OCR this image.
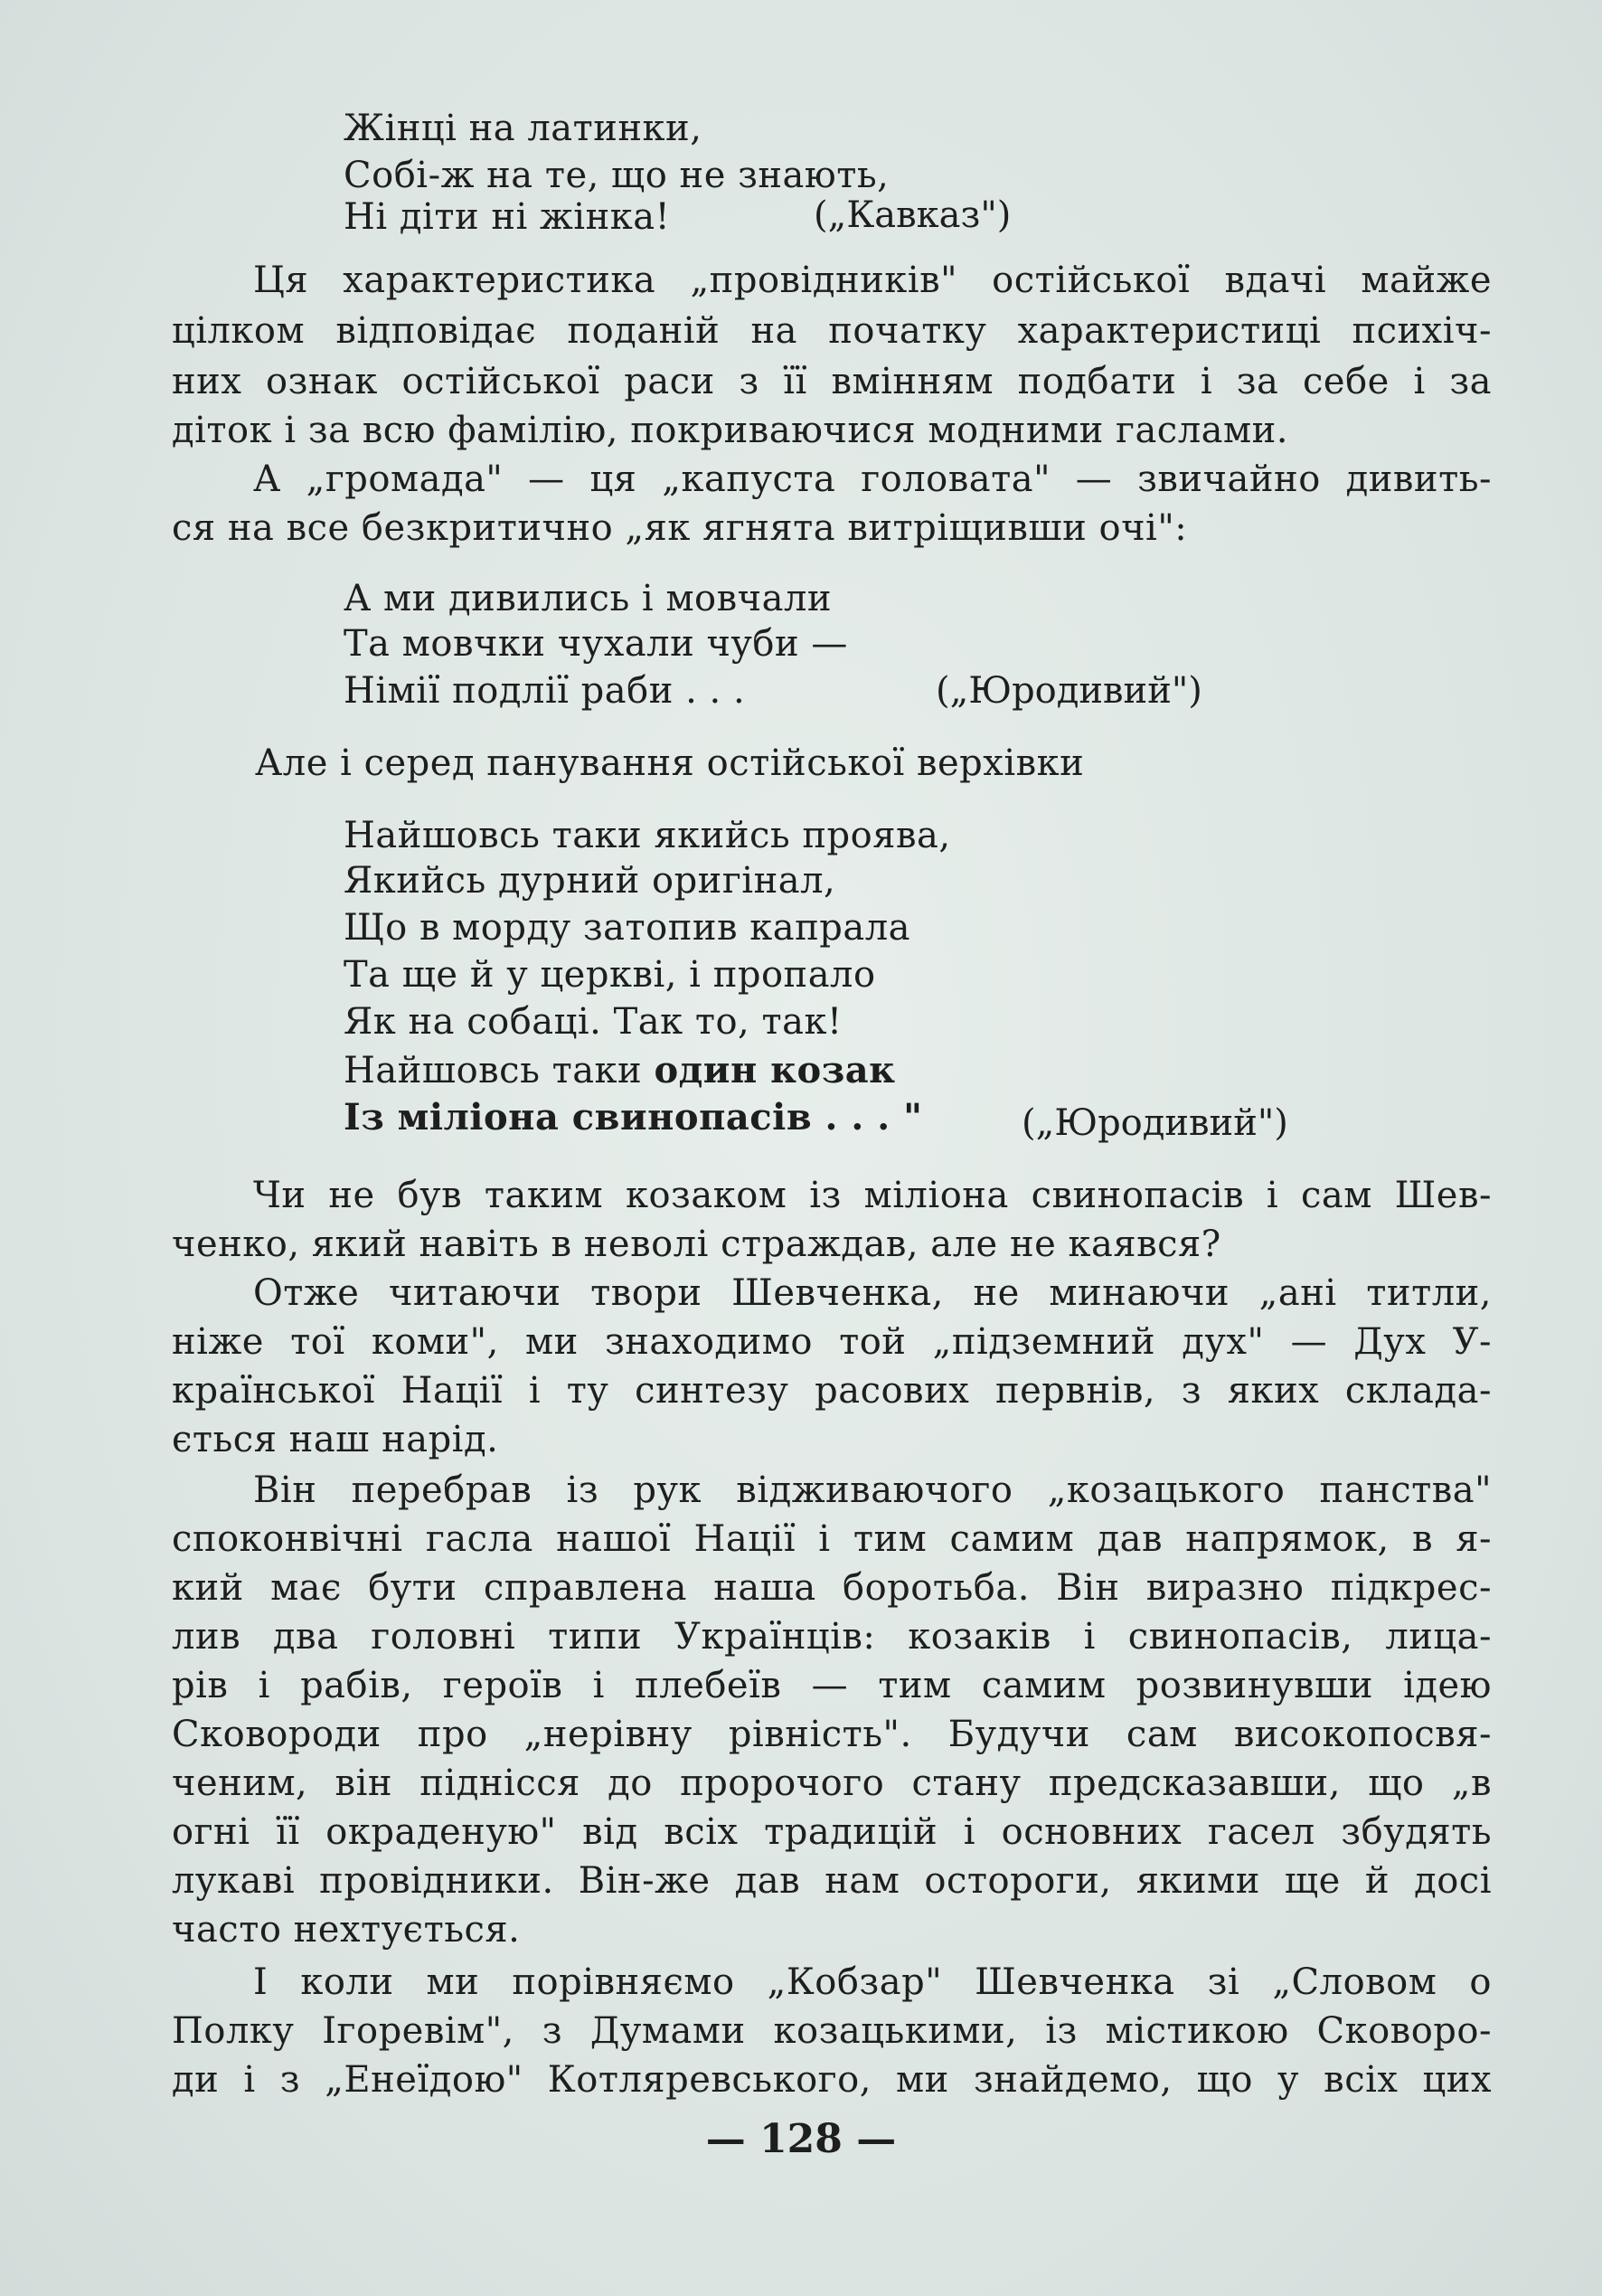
Жінці на латинки,
Собі-ж на те, що не знають,
Ні діти ні жінка!	(„Кавказ")
Ця характеристика „провідників" остійської вдачі майже
цілком відповідає поданій на початку характеристиці психіч-
них ознак остійської раси з її вмінням подбати і за себе і за
діток і за всю фамілію, покриваючися модними гаслами.
А „громада" — ця „капуста головата" — звичайно дивить-
ся на все безкритично „як ягнята витріщивши очі":
А ми дивились і мовчали
Та мовчки чухали чуби —
Німії подлії раби . . .	(„Юродивий")
Але і серед панування остійської верхівки
Найшовсь таки якийсь проява,
Якийсь дурний оригінал,
Що в морду затопив капрала
Та ще й у церкві, і пропало
Як на собаці. Так то, так!
Найшовсь таки один козак
Із міліона свинопасів . . . "	(„Юродивий")
Чи не був таким козаком із міліона свинопасів і сам Шев-
ченко, який навіть в неволі страждав, але не каявся?
Отже читаючи твори Шевченка, не минаючи „ані титли,
ніже тої коми", ми знаходимо той „підземний дух" — Дух У-
країнської Нації і ту синтезу расових первнів, з яких склада-
ється наш нарід.
Він перебрав із рук відживаючого „козацького панства"
споконвічні гасла нашої Нації і тим самим дав напрямок, в я-
кий має бути справлена наша боротьба. Він виразно підкрес-
лив два головні типи Українців: козаків і свинопасів, лица-
рів і рабів, героїв і плебеїв — тим самим розвинувши ідею
Сковороди про „нерівну рівність". Будучи сам високопосвя-
ченим, він піднісся до пророчого стану предсказавши, що „в
огні її окраденую" від всіх традицій і основних гасел збудять
лукаві провідники. Він-же дав нам остороги, якими ще й досі
часто нехтується.
І коли ми порівняємо „Кобзар" Шевченка зі „Словом о
Полку Ігоревім", з Думами козацькими, із містикою Сковоро-
ди і з „Енеїдою" Котляревського, ми знайдемо, що у всіх цих
— 128 —
